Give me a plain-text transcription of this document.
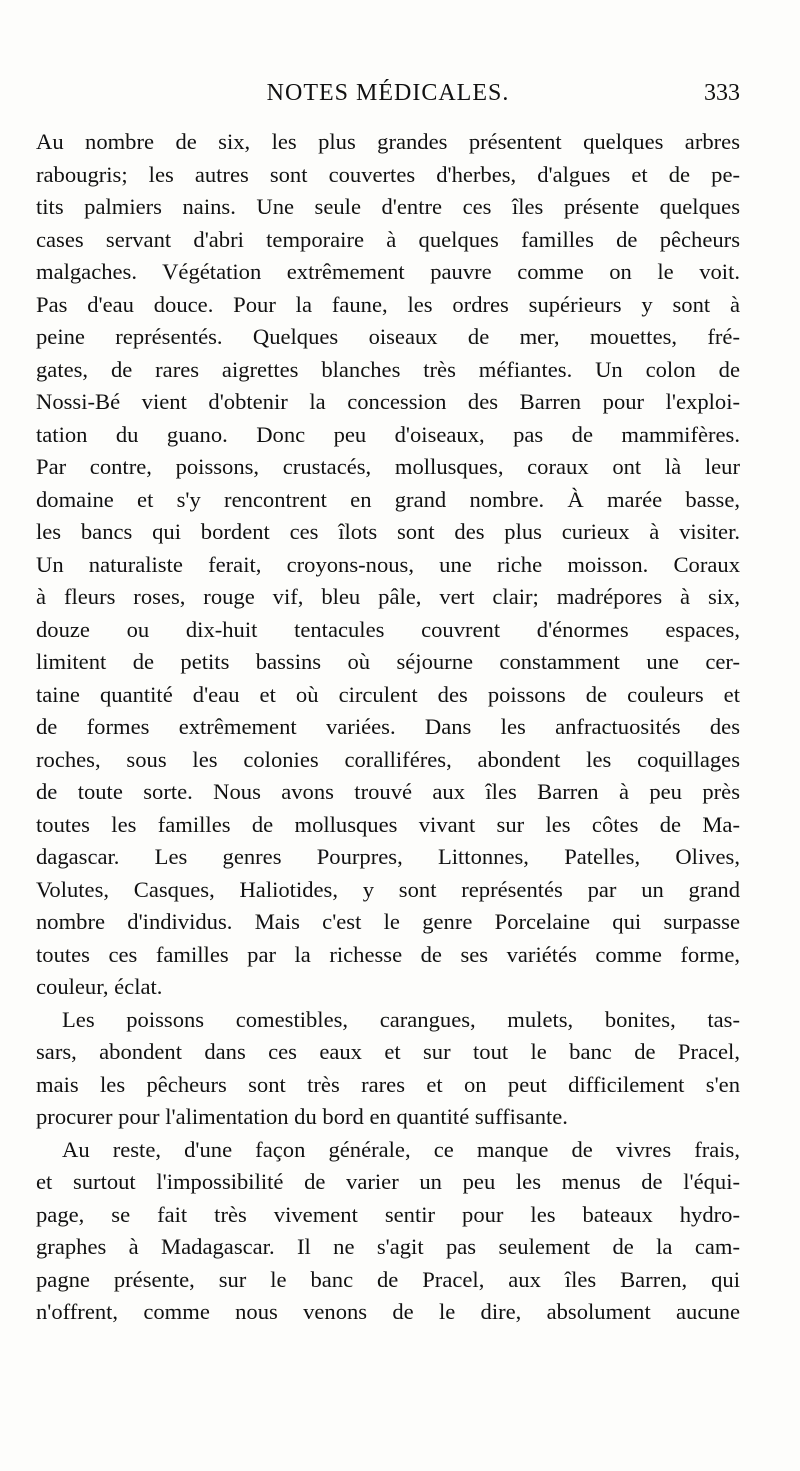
NOTES MÉDICALES.	333
Au nombre de six, les plus grandes présentent quelques arbres
rabougris; les autres sont couvertes d'herbes, d'algues et de pe-
tits palmiers nains. Une seule d'entre ces îles présente quelques
cases servant d'abri temporaire à quelques familles de pêcheurs
malgaches. Végétation extrêmement pauvre comme on le voit.
Pas d'eau douce. Pour la faune, les ordres supérieurs y sont à
peine représentés. Quelques oiseaux de mer, mouettes, fré-
gates, de rares aigrettes blanches très méfiantes. Un colon de
Nossi-Bé vient d'obtenir la concession des Barren pour l'exploi-
tation du guano. Donc peu d'oiseaux, pas de mammifères.
Par contre, poissons, crustacés, mollusques, coraux ont là leur
domaine et s'y rencontrent en grand nombre. À marée basse,
les bancs qui bordent ces îlots sont des plus curieux à visiter.
Un naturaliste ferait, croyons-nous, une riche moisson. Coraux
à fleurs roses, rouge vif, bleu pâle, vert clair; madrépores à six,
douze ou dix-huit tentacules couvrent d'énormes espaces,
limitent de petits bassins où séjourne constamment une cer-
taine quantité d'eau et où circulent des poissons de couleurs et
de formes extrêmement variées. Dans les anfractuosités des
roches, sous les colonies coralliféres, abondent les coquillages
de toute sorte. Nous avons trouvé aux îles Barren à peu près
toutes les familles de mollusques vivant sur les côtes de Ma-
dagascar. Les genres Pourpres, Littonnes, Patelles, Olives,
Volutes, Casques, Haliotides, y sont représentés par un grand
nombre d'individus. Mais c'est le genre Porcelaine qui surpasse
toutes ces familles par la richesse de ses variétés comme forme,
couleur, éclat.
Les poissons comestibles, carangues, mulets, bonites, tas-
sars, abondent dans ces eaux et sur tout le banc de Pracel,
mais les pêcheurs sont très rares et on peut difficilement s'en
procurer pour l'alimentation du bord en quantité suffisante.
Au reste, d'une façon générale, ce manque de vivres frais,
et surtout l'impossibilité de varier un peu les menus de l'équi-
page, se fait très vivement sentir pour les bateaux hydro-
graphes à Madagascar. Il ne s'agit pas seulement de la cam-
pagne présente, sur le banc de Pracel, aux îles Barren, qui
n'offrent, comme nous venons de le dire, absolument aucune
